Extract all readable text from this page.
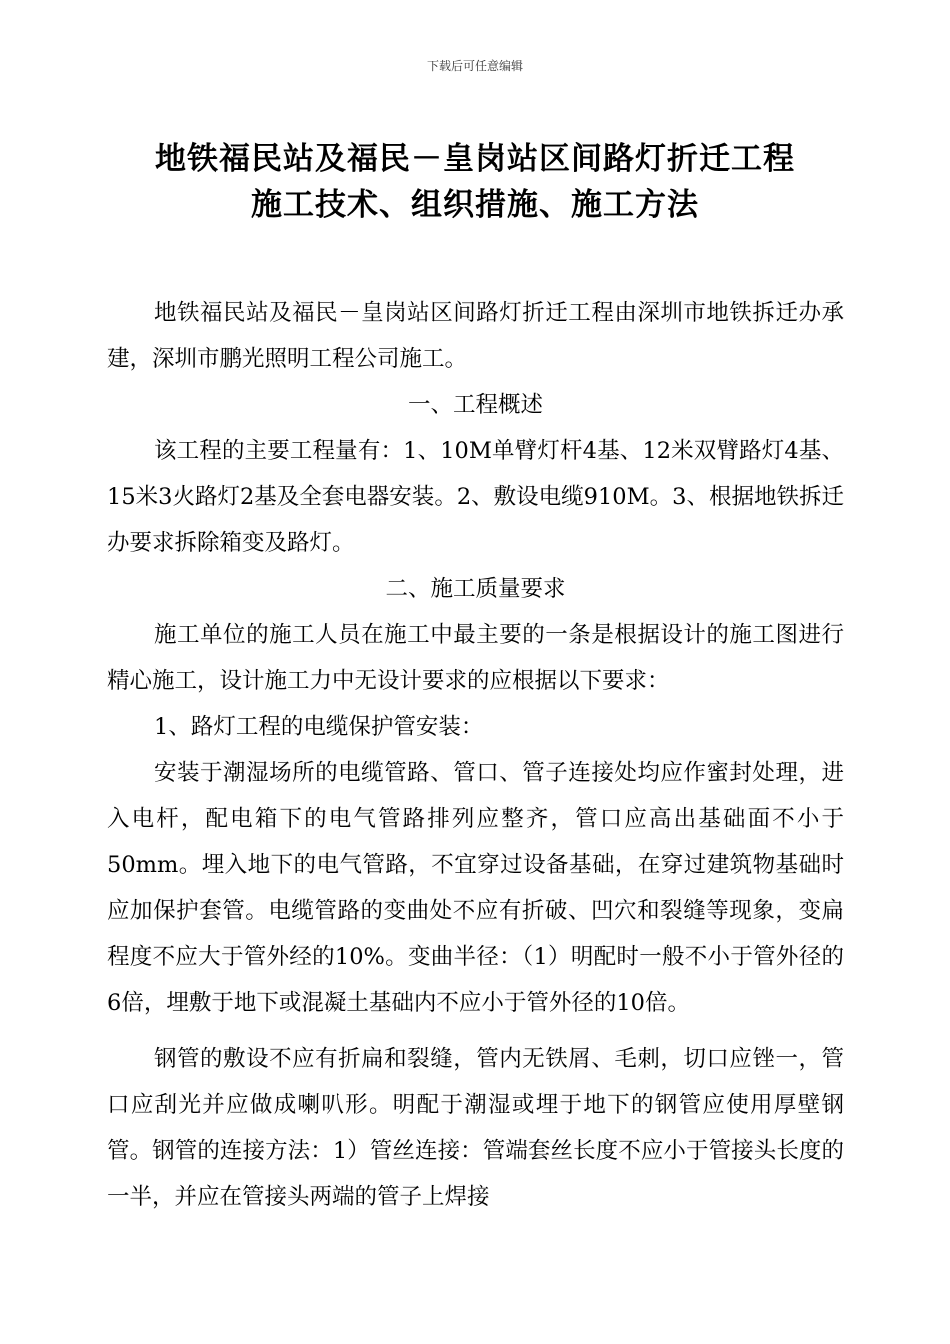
下载后可任意编辑
地铁福民站及福民－皇岗站区间路灯折迁工程
施工技术、组织措施、施工方法

地铁福民站及福民－皇岗站区间路灯折迁工程由深圳市地铁拆迁办承建，深圳市鹏光照明工程公司施工。

一、工程概述

该工程的主要工程量有：1、10M单臂灯杆4基、12米双臂路灯4基、15米3火路灯2基及全套电器安装。2、敷设电缆910M。3、根据地铁拆迁办要求拆除箱变及路灯。

二、施工质量要求

施工单位的施工人员在施工中最主要的一条是根据设计的施工图进行精心施工，设计施工力中无设计要求的应根据以下要求：

1、路灯工程的电缆保护管安装：

安装于潮湿场所的电缆管路、管口、管子连接处均应作蜜封处理，进入电杆，配电箱下的电气管路排列应整齐，管口应高出基础面不小于50mm。埋入地下的电气管路，不宜穿过设备基础，在穿过建筑物基础时应加保护套管。电缆管路的变曲处不应有折破、凹穴和裂缝等现象，变扁程度不应大于管外经的10%。变曲半径：（1）明配时一般不小于管外径的6倍，埋敷于地下或混凝土基础内不应小于管外径的10倍。

钢管的敷设不应有折扁和裂缝，管内无铁屑、毛刺，切口应锉一，管口应刮光并应做成喇叭形。明配于潮湿或埋于地下的钢管应使用厚壁钢管。钢管的连接方法：1）管丝连接：管端套丝长度不应小于管接头长度的一半，并应在管接头两端的管子上焊接
